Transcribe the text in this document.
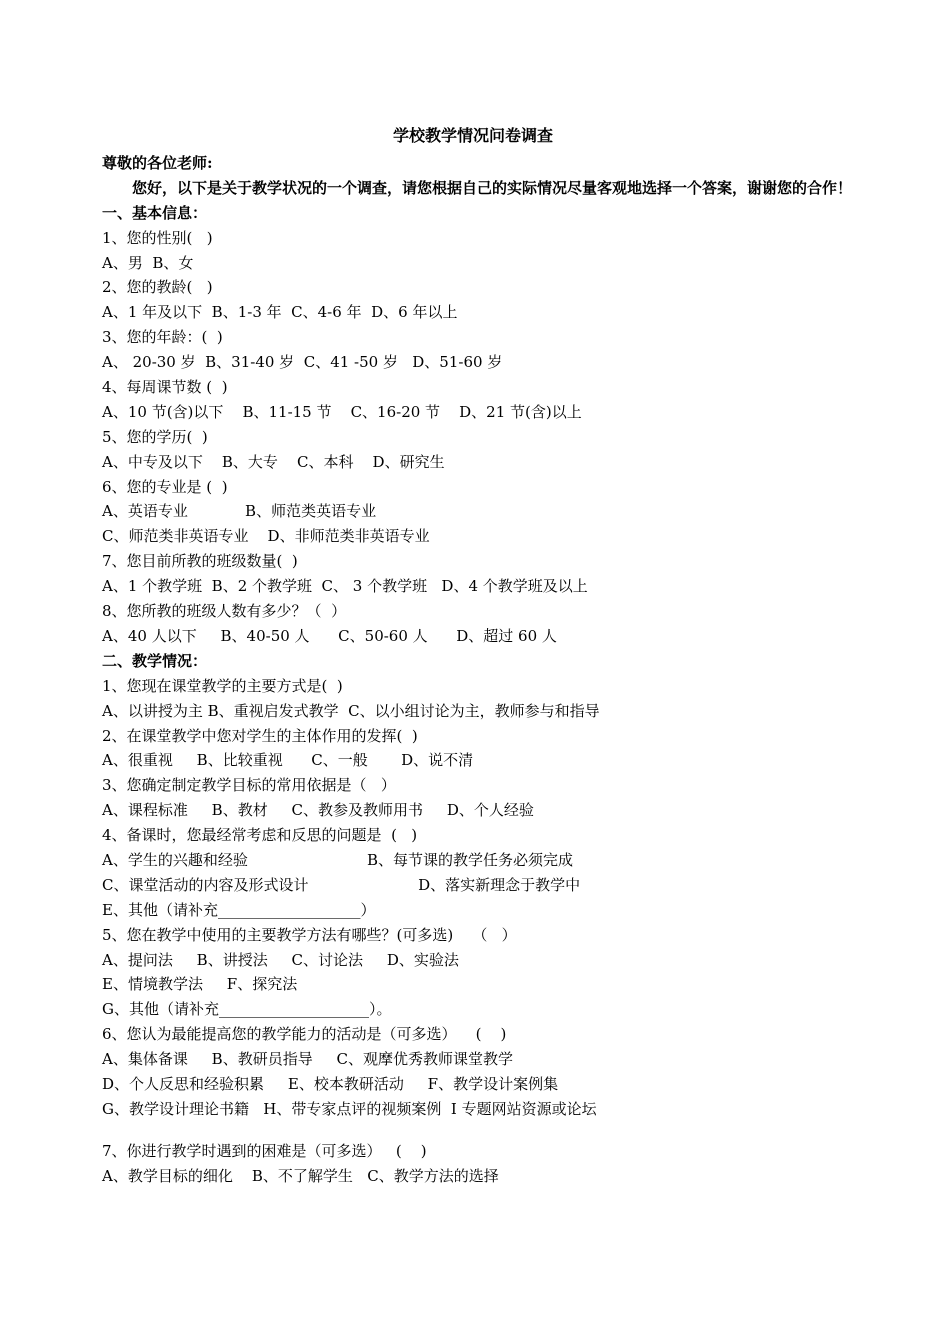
学校教学情况问卷调查
尊敬的各位老师:
您好，以下是关于教学状况的一个调查，请您根据自己的实际情况尽量客观地选择一个答案，谢谢您的合作！
一、基本信息：
1、您的性别(   )
A、男  B、女
2、您的教龄(   )
A、1 年及以下  B、1-3 年  C、4-6 年  D、6 年以上
3、您的年龄：(  )
A、 20-30 岁  B、31-40 岁  C、41 -50 岁   D、51-60 岁
4、每周课节数 (  )
A、10 节(含)以下    B、11-15 节    C、16-20 节    D、21 节(含)以上
5、您的学历(  )
A、中专及以下    B、大专    C、本科    D、研究生
6、您的专业是 (  )
A、英语专业            B、师范类英语专业
C、师范类非英语专业    D、非师范类非英语专业
7、您目前所教的班级数量(  )
A、1 个教学班  B、2 个教学班  C、 3 个教学班   D、4 个教学班及以上
8、您所教的班级人数有多少？（  ）
A、40 人以下     B、40-50 人      C、50-60 人      D、超过 60 人
二、教学情况：
1、您现在课堂教学的主要方式是(  )
A、以讲授为主 B、重视启发式教学  C、以小组讨论为主，教师参与和指导
2、在课堂教学中您对学生的主体作用的发挥(  )
A、很重视     B、比较重视      C、一般       D、说不清
3、您确定制定教学目标的常用依据是（   ）
A、课程标准     B、教材     C、教参及教师用书     D、个人经验
4、备课时，您最经常考虑和反思的问题是  (   )
A、学生的兴趣和经验                         B、每节课的教学任务必须完成
C、课堂活动的内容及形式设计                       D、落实新理念于教学中
E、其他（请补充___________________）
5、您在教学中使用的主要教学方法有哪些？(可多选)    （   ）
A、提问法     B、讲授法     C、讨论法     D、实验法
E、情境教学法     F、探究法
G、其他（请补充____________________）。
6、您认为最能提高您的教学能力的活动是（可多选）    (    )
A、集体备课     B、教研员指导     C、观摩优秀教师课堂教学
D、个人反思和经验积累     E、校本教研活动     F、教学设计案例集
G、教学设计理论书籍   H、带专家点评的视频案例  I 专题网站资源或论坛
7、你进行教学时遇到的困难是（可多选）   (    )
A、教学目标的细化    B、不了解学生   C、教学方法的选择
